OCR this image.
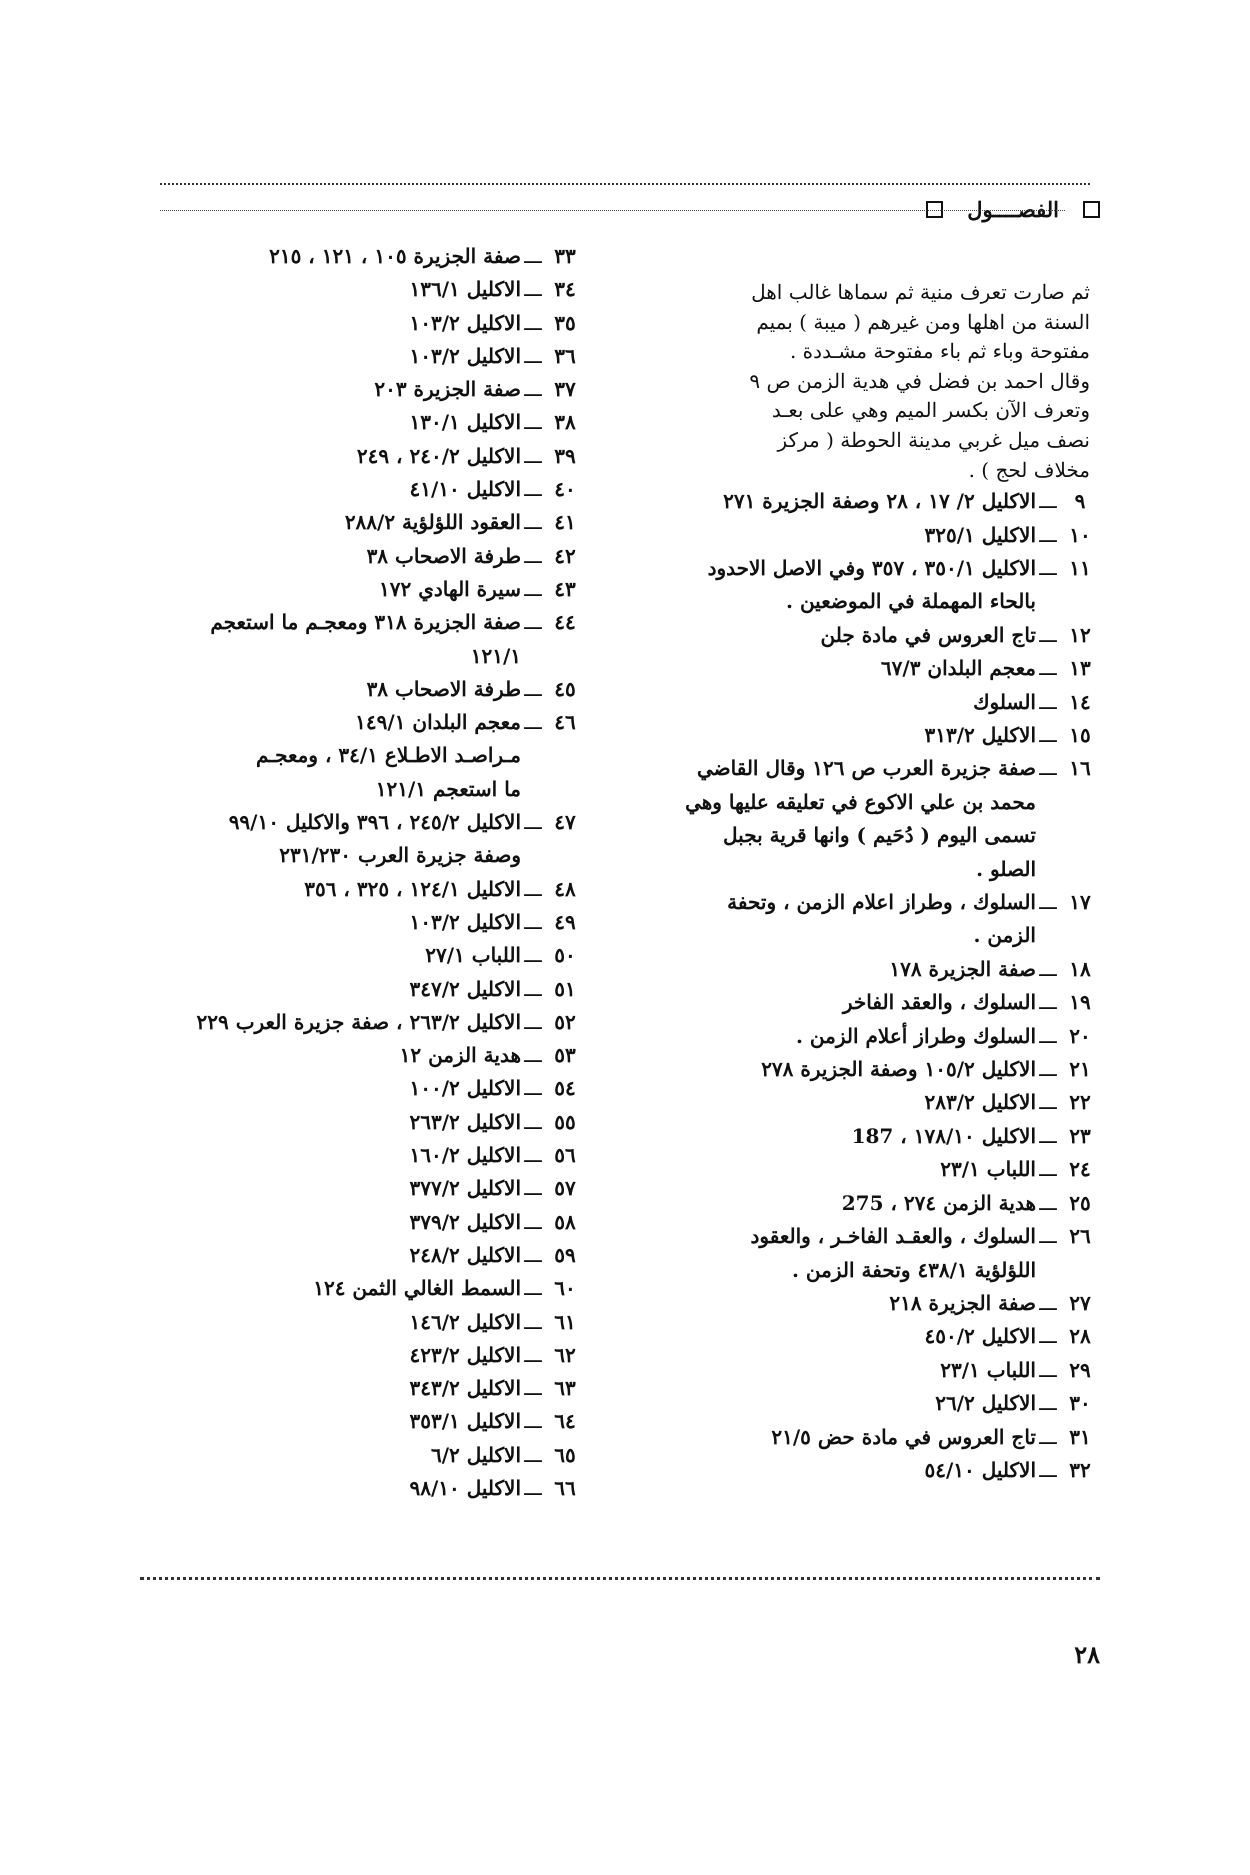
الفصــــول
ثم صارت تعرف منية ثم سماها غالب اهل
السنة من اهلها ومن غيرهم ( ميبة ) بميم
مفتوحة وباء ثم باء مفتوحة مشـددة .
وقال احمد بن فضل في هدية الزمن ص ٩
وتعرف الآن بكسر الميم وهي على بعـد
نصف ميل غربي مدينة الحوطة ( مركز
مخلاف لحج ) .
٩
ـــ
الاكليل ٢/ ١٧ ، ٢٨ وصفة الجزيرة ٢٧١
١٠
ـــ
الاكليل ٣٢٥/١
١١
ـــ
الاكليل ٣٥٠/١ ، ٣٥٧ وفي الاصل الاحدود
بالحاء المهملة في الموضعين .
١٢
ـــ
تاج العروس في مادة جلن
١٣
ـــ
معجم البلدان ٦٧/٣
١٤
ـــ
السلوك
١٥
ـــ
الاكليل ٣١٣/٢
١٦
ـــ
صفة جزيرة العرب ص ١٢٦ وقال القاضي
محمد بن علي الاكوع في تعليقه عليها وهي
تسمى اليوم ( دُحَيم ) وانها قرية بجبل
الصلو .
١٧
ـــ
السلوك ، وطراز اعلام الزمن ، وتحفة
الزمن .
١٨
ـــ
صفة الجزيرة ١٧٨
١٩
ـــ
السلوك ، والعقد الفاخر
٢٠
ـــ
السلوك وطراز أعلام الزمن .
٢١
ـــ
الاكليل ١٠٥/٢ وصفة الجزيرة ٢٧٨
٢٢
ـــ
الاكليل ٢٨٣/٢
٢٣
ـــ
الاكليل ١٧٨/١٠ ، 187
٢٤
ـــ
اللباب ٢٣/١
٢٥
ـــ
هدية الزمن ٢٧٤ ، 275
٢٦
ـــ
السلوك ، والعقـد الفاخـر ، والعقود
اللؤلؤية ٤٣٨/١ وتحفة الزمن .
٢٧
ـــ
صفة الجزيرة ٢١٨
٢٨
ـــ
الاكليل ٤٥٠/٢
٢٩
ـــ
اللباب ٢٣/١
٣٠
ـــ
الاكليل ٢٦/٢
٣١
ـــ
تاج العروس في مادة حض ٢١/٥
٣٢
ـــ
الاكليل ٥٤/١٠
٣٣
ـــ
صفة الجزيرة ١٠٥ ، ١٢١ ، ٢١٥
٣٤
ـــ
الاكليل ١٣٦/١
٣٥
ـــ
الاكليل ١٠٣/٢
٣٦
ـــ
الاكليل ١٠٣/٢
٣٧
ـــ
صفة الجزيرة ٢٠٣
٣٨
ـــ
الاكليل ١٣٠/١
٣٩
ـــ
الاكليل ٢٤٠/٢ ، ٢٤٩
٤٠
ـــ
الاكليل ٤١/١٠
٤١
ـــ
العقود اللؤلؤية ٢٨٨/٢
٤٢
ـــ
طرفة الاصحاب ٣٨
٤٣
ـــ
سيرة الهادي ١٧٢
٤٤
ـــ
صفة الجزيرة ٣١٨ ومعجـم ما استعجم
١٢١/١
٤٥
ـــ
طرفة الاصحاب ٣٨
٤٦
ـــ
معجم البلدان ١٤٩/١
مـراصـد الاطـلاع ٣٤/١ ، ومعجـم
ما استعجم ١٢١/١
٤٧
ـــ
الاكليل ٢٤٥/٢ ، ٣٩٦ والاكليل ٩٩/١٠
وصفة جزيرة العرب ٢٣١/٢٣٠
٤٨
ـــ
الاكليل ١٢٤/١ ، ٣٢٥ ، ٣٥٦
٤٩
ـــ
الاكليل ١٠٣/٢
٥٠
ـــ
اللباب ٢٧/١
٥١
ـــ
الاكليل ٣٤٧/٢
٥٢
ـــ
الاكليل ٢٦٣/٢ ، صفة جزيرة العرب ٢٢٩
٥٣
ـــ
هدية الزمن ١٢
٥٤
ـــ
الاكليل ١٠٠/٢
٥٥
ـــ
الاكليل ٢٦٣/٢
٥٦
ـــ
الاكليل ١٦٠/٢
٥٧
ـــ
الاكليل ٣٧٧/٢
٥٨
ـــ
الاكليل ٣٧٩/٢
٥٩
ـــ
الاكليل ٢٤٨/٢
٦٠
ـــ
السمط الغالي الثمن ١٢٤
٦١
ـــ
الاكليل ١٤٦/٢
٦٢
ـــ
الاكليل ٤٢٣/٢
٦٣
ـــ
الاكليل ٣٤٣/٢
٦٤
ـــ
الاكليل ٣٥٣/١
٦٥
ـــ
الاكليل ٦/٢
٦٦
ـــ
الاكليل ٩٨/١٠
٢٨
